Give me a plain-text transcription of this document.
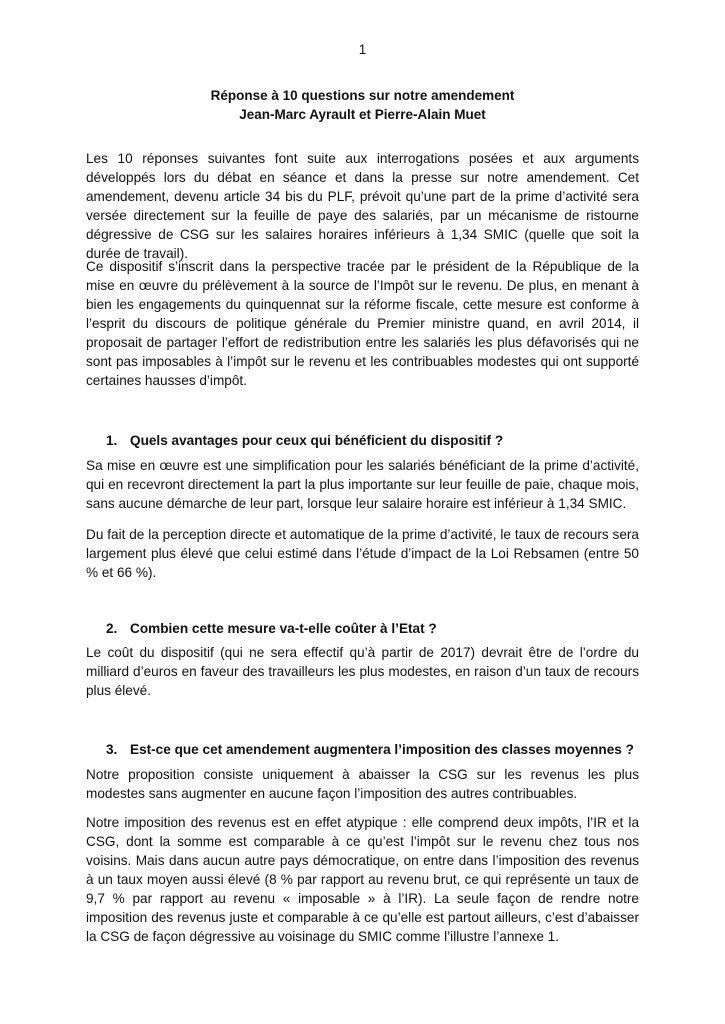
1
Réponse à 10 questions sur notre amendement
Jean-Marc Ayrault et Pierre-Alain Muet

Les 10 réponses suivantes font suite aux interrogations posées et aux arguments développés lors du débat en séance et dans la presse sur notre amendement. Cet amendement, devenu article 34 bis du PLF, prévoit qu’une part de la prime d’activité sera versée directement sur la feuille de paye des salariés, par un mécanisme de ristourne dégressive de CSG sur les salaires horaires inférieurs à 1,34 SMIC (quelle que soit la durée de travail).

Ce dispositif s’inscrit dans la perspective tracée par le président de la République de la mise en œuvre du prélèvement à la source de l’Impôt sur le revenu. De plus, en menant à bien les engagements du quinquennat sur la réforme fiscale, cette mesure est conforme à l’esprit du discours de politique générale du Premier ministre quand, en avril 2014, il proposait de partager l’effort de redistribution entre les salariés les plus défavorisés qui ne sont pas imposables à l’impôt sur le revenu et les contribuables modestes qui ont supporté certaines hausses d’impôt.

1. Quels avantages pour ceux qui bénéficient du dispositif ?

Sa mise en œuvre est une simplification pour les salariés bénéficiant de la prime d’activité, qui en recevront directement la part la plus importante sur leur feuille de paie, chaque mois, sans aucune démarche de leur part, lorsque leur salaire horaire est inférieur à 1,34 SMIC.

Du fait de la perception directe et automatique de la prime d’activité, le taux de recours sera largement plus élevé que celui estimé dans l’étude d’impact de la Loi Rebsamen (entre 50 % et 66 %).

2. Combien cette mesure va-t-elle coûter à l’Etat ?

Le coût du dispositif (qui ne sera effectif qu’à partir de 2017) devrait être de l’ordre du milliard d’euros en faveur des travailleurs les plus modestes, en raison d’un taux de recours plus élevé.

3. Est-ce que cet amendement augmentera l’imposition des classes moyennes ?

Notre proposition consiste uniquement à abaisser la CSG sur les revenus les plus modestes sans augmenter en aucune façon l’imposition des autres contribuables.

Notre imposition des revenus est en effet atypique : elle comprend deux impôts, l’IR et la CSG, dont la somme est comparable à ce qu’est l’impôt sur le revenu chez tous nos voisins. Mais dans aucun autre pays démocratique, on entre dans l’imposition des revenus à un taux moyen aussi élevé (8 % par rapport au revenu brut, ce qui représente un taux de 9,7 % par rapport au revenu « imposable » à l’IR). La seule façon de rendre notre imposition des revenus juste et comparable à ce qu’elle est partout ailleurs, c’est d’abaisser la CSG de façon dégressive au voisinage du SMIC comme l’illustre l’annexe 1.
